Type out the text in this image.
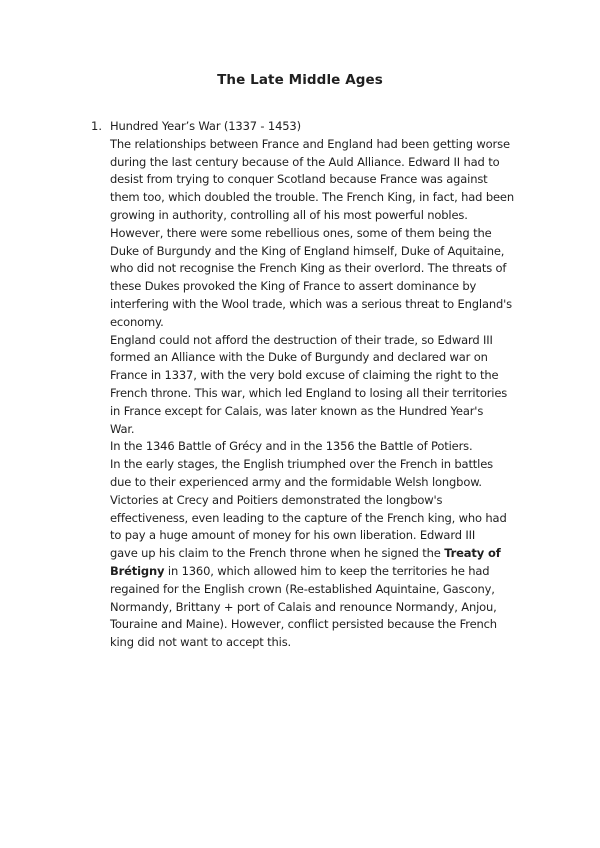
The Late Middle Ages
1. Hundred Year’s War (1337 - 1453)
The relationships between France and England had been getting worse
during the last century because of the Auld Alliance. Edward II had to
desist from trying to conquer Scotland because France was against
them too, which doubled the trouble. The French King, in fact, had been
growing in authority, controlling all of his most powerful nobles.
However, there were some rebellious ones, some of them being the
Duke of Burgundy and the King of England himself, Duke of Aquitaine,
who did not recognise the French King as their overlord. The threats of
these Dukes provoked the King of France to assert dominance by
interfering with the Wool trade, which was a serious threat to England's
economy.
England could not afford the destruction of their trade, so Edward III
formed an Alliance with the Duke of Burgundy and declared war on
France in 1337, with the very bold excuse of claiming the right to the
French throne. This war, which led England to losing all their territories
in France except for Calais, was later known as the Hundred Year's
War.
In the 1346 Battle of Grécy and in the 1356 the Battle of Potiers.
In the early stages, the English triumphed over the French in battles
due to their experienced army and the formidable Welsh longbow.
Victories at Crecy and Poitiers demonstrated the longbow's
effectiveness, even leading to the capture of the French king, who had
to pay a huge amount of money for his own liberation. Edward III
gave up his claim to the French throne when he signed the Treaty of
Brétigny in 1360, which allowed him to keep the territories he had
regained for the English crown (Re-established Aquintaine, Gascony,
Normandy, Brittany + port of Calais and renounce Normandy, Anjou,
Touraine and Maine). However, conflict persisted because the French
king did not want to accept this.
